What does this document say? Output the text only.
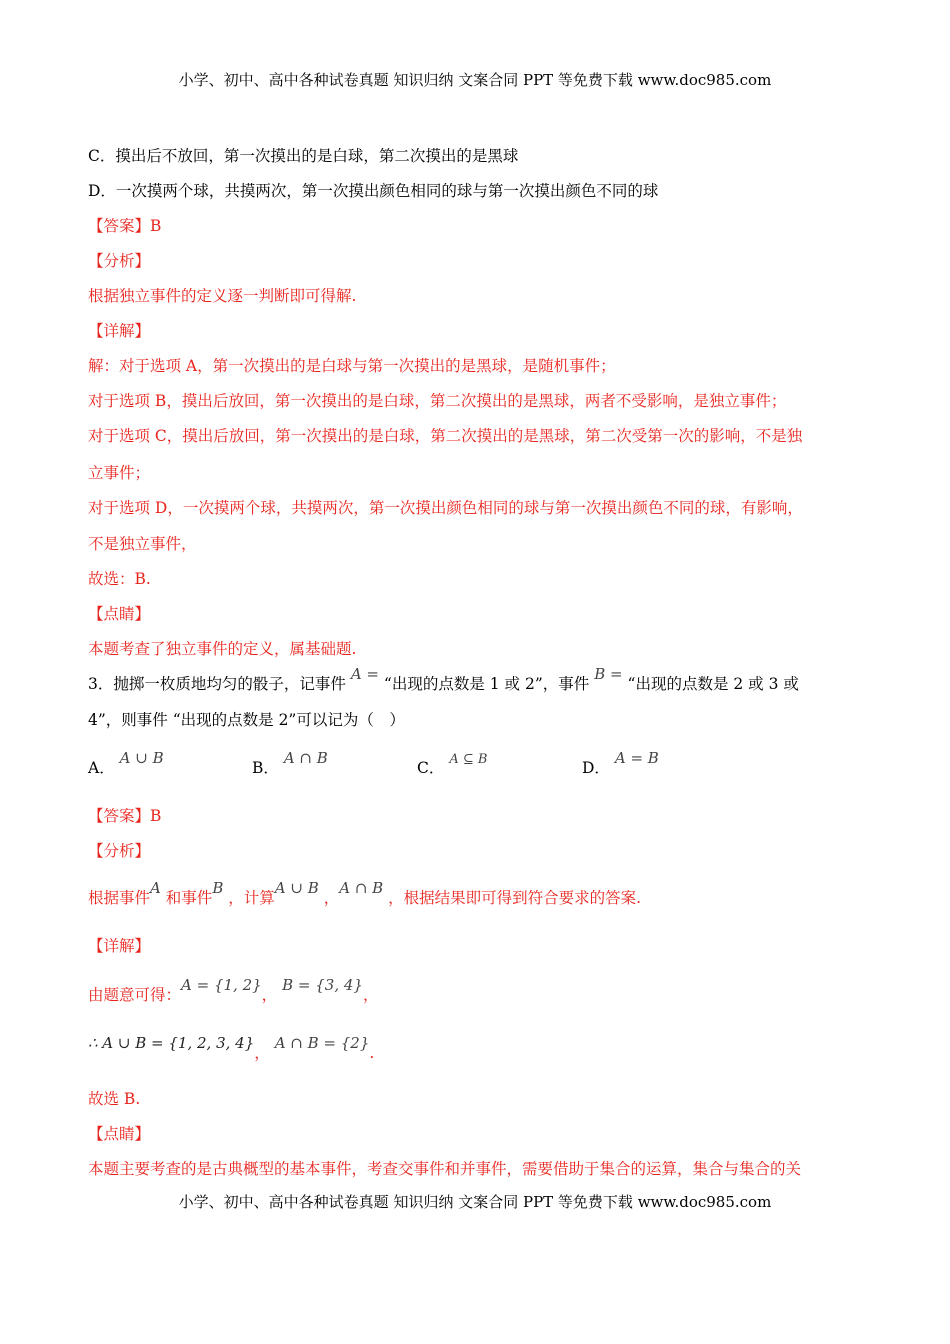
小学、初中、高中各种试卷真题 知识归纳 文案合同 PPT 等免费下载 www.doc985.com
C．摸出后不放回，第一次摸出的是白球，第二次摸出的是黑球
D．一次摸两个球，共摸两次，第一次摸出颜色相同的球与第一次摸出颜色不同的球
【答案】B
【分析】
根据独立事件的定义逐一判断即可得解.
【详解】
解：对于选项 A，第一次摸出的是白球与第一次摸出的是黑球，是随机事件；
对于选项 B，摸出后放回，第一次摸出的是白球，第二次摸出的是黑球，两者不受影响，是独立事件；
对于选项 C，摸出后放回，第一次摸出的是白球，第二次摸出的是黑球，第二次受第一次的影响，不是独
立事件；
对于选项 D，一次摸两个球，共摸两次，第一次摸出颜色相同的球与第一次摸出颜色不同的球，有影响，
不是独立事件，
故选：B.
【点睛】
本题考查了独立事件的定义，属基础题.
3．抛掷一枚质地均匀的骰子，记事件 A = “出现的点数是 1 或 2”，事件 B = “出现的点数是 2 或 3 或
4”，则事件 “出现的点数是 2”可以记为（　）
A． A ∪ B
B． A ∩ B
C． $^{A ⊆ B}$	D． A = B
【答案】B
【分析】
根据事件A 和事件B ，计算A ∪ B ，A ∩ B ，根据结果即可得到符合要求的答案.
【详解】
由题意可得：A = {1, 2}， B = {3, 4}，
∴ A ∪ B = {1, 2, 3, 4}， A ∩ B = {2}.
故选 B.
【点睛】
本题主要考查的是古典概型的基本事件，考查交事件和并事件，需要借助于集合的运算，集合与集合的关
小学、初中、高中各种试卷真题 知识归纳 文案合同 PPT 等免费下载 www.doc985.com
